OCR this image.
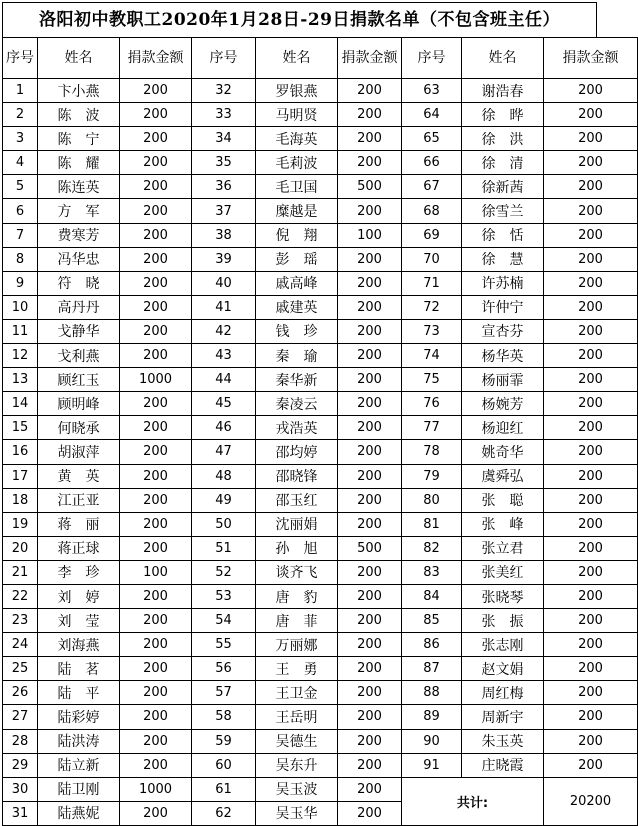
洛阳初中教职工2020年1月28日-29日捐款名单（不包含班主任）
序号	姓名	捐款金额	序号	姓名	捐款金额	序号	姓名	捐款金额
1	卞小燕	200	32	罗银燕	200	63	谢浩春	200
2	陈　波	200	33	马明贤	200	64	徐　晔	200
3	陈　宁	200	34	毛海英	200	65	徐　洪	200
4	陈　耀	200	35	毛莉波	200	66	徐　清	200
5	陈连英	200	36	毛卫国	500	67	徐新茜	200
6	方　军	200	37	糜越是	200	68	徐雪兰	200
7	费寒芳	200	38	倪　翔	100	69	徐　恬	200
8	冯华忠	200	39	彭　瑶	200	70	徐　慧	200
9	符　晓	200	40	戚高峰	200	71	许苏楠	200
10	高丹丹	200	41	戚建英	200	72	许仲宁	200
11	戈静华	200	42	钱　珍	200	73	宣杏芬	200
12	戈利燕	200	43	秦　瑜	200	74	杨华英	200
13	顾红玉	1000	44	秦华新	200	75	杨丽霏	200
14	顾明峰	200	45	秦凌云	200	76	杨婉芳	200
15	何晓承	200	46	戎浩英	200	77	杨迎红	200
16	胡淑萍	200	47	邵均婷	200	78	姚奇华	200
17	黄　英	200	48	邵晓锋	200	79	虞舜弘	200
18	江正亚	200	49	邵玉红	200	80	张　聪	200
19	蒋　丽	200	50	沈丽娟	200	81	张　峰	200
20	蒋正球	200	51	孙　旭	500	82	张立君	200
21	李　珍	100	52	谈齐飞	200	83	张美红	200
22	刘　婷	200	53	唐　豹	200	84	张晓琴	200
23	刘　莹	200	54	唐　菲	200	85	张　振	200
24	刘海燕	200	55	万丽娜	200	86	张志刚	200
25	陆　茗	200	56	王　勇	200	87	赵文娟	200
26	陆　平	200	57	王卫金	200	88	周红梅	200
27	陆彩婷	200	58	王岳明	200	89	周新宇	200
28	陆洪涛	200	59	吴德生	200	90	朱玉英	200
29	陆立新	200	60	吴东升	200	91	庄晓霞	200
30	陆卫刚	1000	61	吴玉波	200	共计:		20200
31	陆燕妮	200	62	吴玉华	200			
